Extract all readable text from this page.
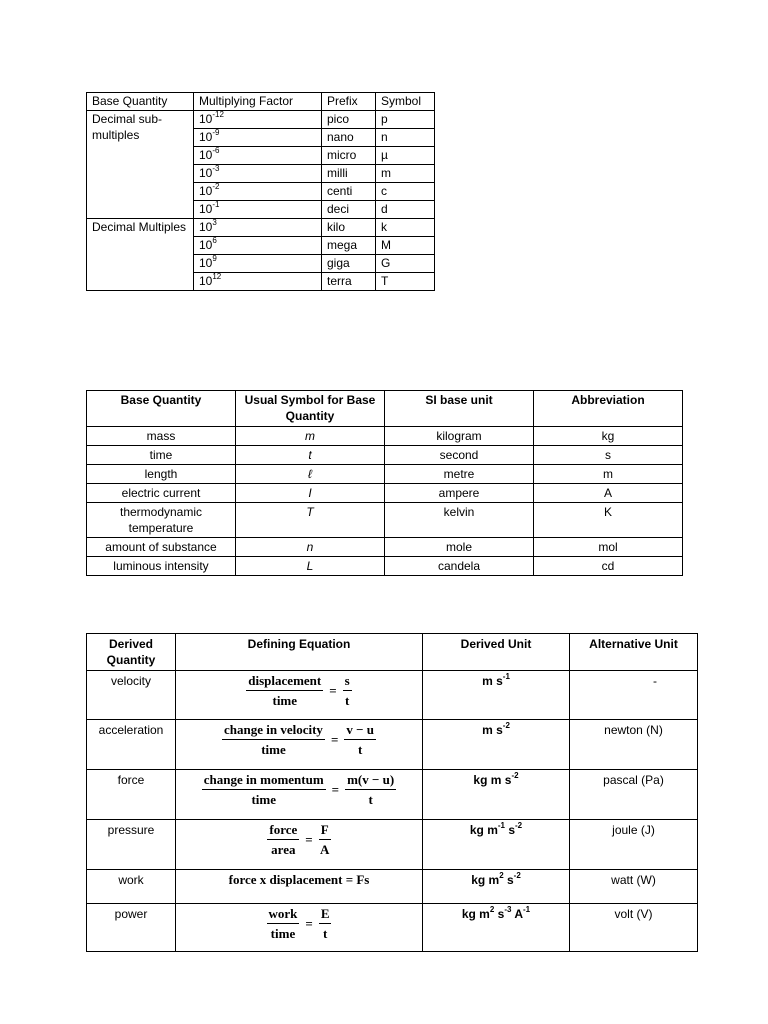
Base Quantity	Multiplying Factor	Prefix	Symbol
Decimal sub-multiples	$10^{-12}$	pico	p
	$10^{-9}$	nano	n
	$10^{-6}$	micro	µ
	$10^{-3}$	milli	m
	$10^{-2}$	centi	c
	$10^{-1}$	deci	d
Decimal Multiples	$10^3$	kilo	k
	$10^6$	mega	M
	$10^9$	giga	G
	$10^{12}$	terra	T
Base Quantity	Usual Symbol for Base Quantity	SI base unit	Abbreviation
mass	m	kilogram	kg
time	t	second	s
length	ℓ	metre	m
electric current	I	ampere	A
thermodynamic temperature	T	kelvin	K
amount of substance	n	mole	mol
luminous intensity	L	candela	cd
Derived Quantity	Defining Equation	Derived Unit	Alternative Unit
velocity	$\frac{\text{displacement}}{\text{time}} = \frac{s}{t}$	m $s^{-1}$	-
acceleration	$\frac{\text{change in velocity}}{\text{time}} = \frac{v - u}{t}$	m $s^{-2}$	newton (N)
force	$\frac{\text{change in momentum}}{\text{time}} = \frac{m(v - u)}{t}$	kg m $s^{-2}$	pascal (Pa)
pressure	$\frac{\text{force}}{\text{area}} = \frac{F}{A}$	kg $m^{-1}$ $s^{-2}$	joule (J)
work	force x displacement = Fs	kg $m^2$ $s^{-2}$	watt (W)
power	$\frac{\text{work}}{\text{time}} = \frac{E}{t}$	kg $m^2$ $s^{-3}$ $A^{-1}$	volt (V)
